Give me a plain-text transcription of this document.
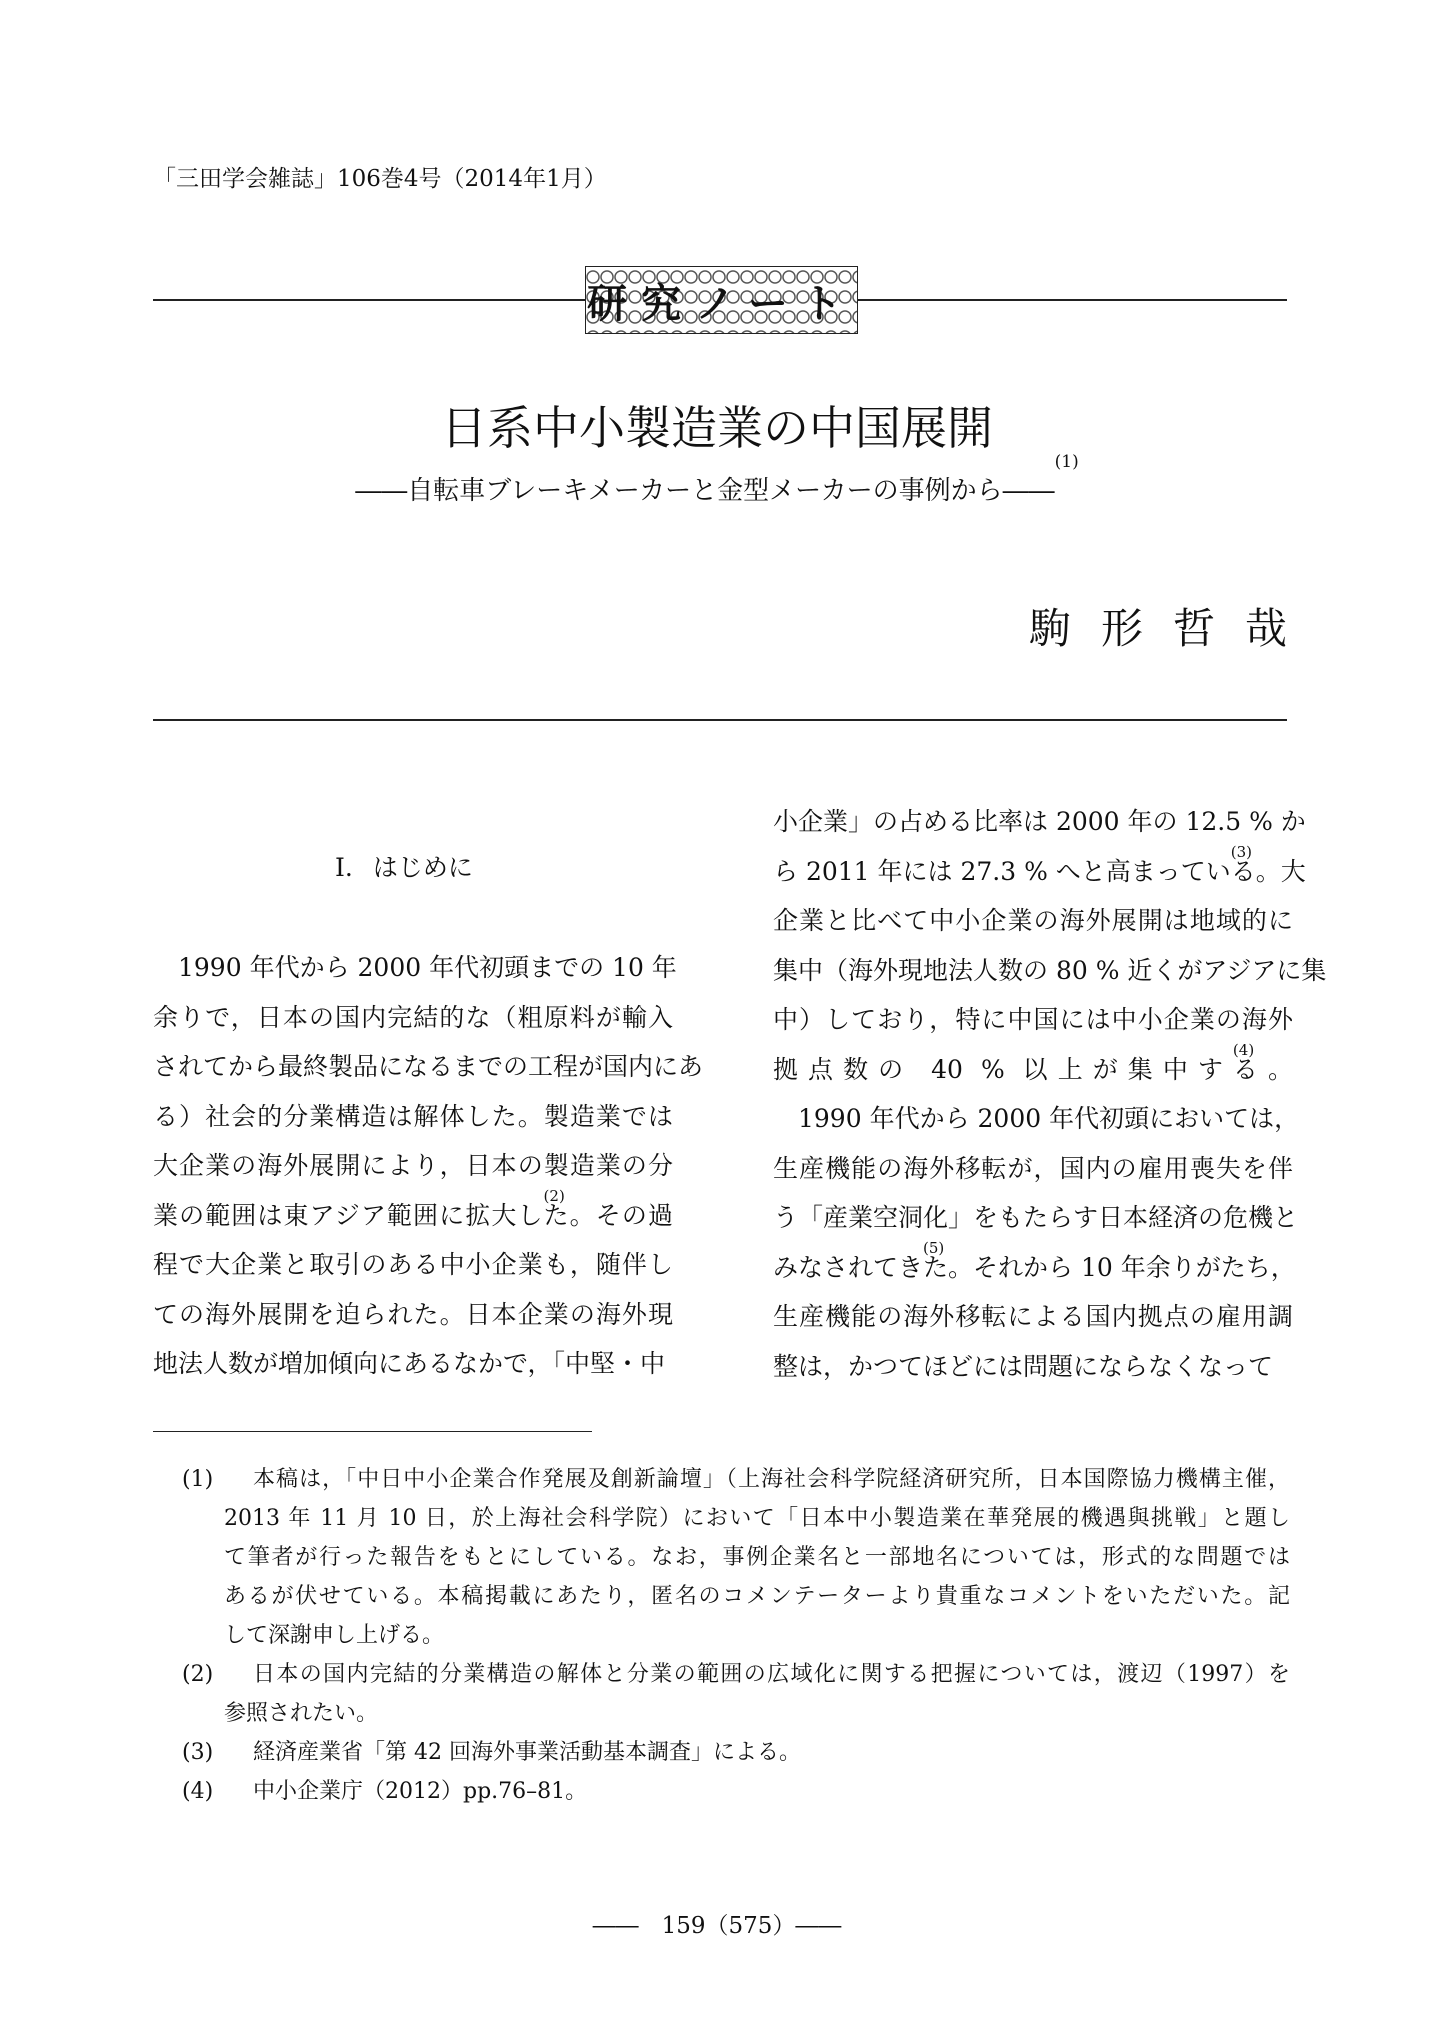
「三田学会雑誌」106巻4号（2014年1月）
研究ノート
日系中小製造業の中国展開
――自転車ブレーキメーカーと金型メーカーの事例から――$^{(1)}$
駒形哲哉
I. はじめに
　1990 年代から 2000 年代初頭までの 10 年
余りで，日本の国内完結的な（粗原料が輸入
されてから最終製品になるまでの工程が国内にあ
る）社会的分業構造は解体した。製造業では
大企業の海外展開により，日本の製造業の分
業の範囲は東アジア範囲に拡大した
(2)
。その過
程で大企業と取引のある中小企業も，随伴し
ての海外展開を迫られた。日本企業の海外現
地法人数が増加傾向にあるなかで，「中堅・中
小企業」の占める比率は 2000 年の 12.5 % か
ら 2011 年には 27.3 % へと高まっている
(3)
。大
企業と比べて中小企業の海外展開は地域的に
集中（海外現地法人数の 80 % 近くがアジアに集
中）しており，特に中国には中小企業の海外
拠点数の 40 % 以上が集中する
(4)
。
　1990 年代から 2000 年代初頭においては，
生産機能の海外移転が，国内の雇用喪失を伴
う「産業空洞化」をもたらす日本経済の危機と
みなされてきた
(5)
。それから 10 年余りがたち，
生産機能の海外移転による国内拠点の雇用調
整は，かつてほどには問題にならなくなって
(1) 本稿は，「中日中小企業合作発展及創新論壇」（上海社会科学院経済研究所，日本国際協力機構主催，
2013 年 11 月 10 日，於上海社会科学院）において「日本中小製造業在華発展的機遇與挑戦」と題し
て筆者が行った報告をもとにしている。なお，事例企業名と一部地名については，形式的な問題では
あるが伏せている。本稿掲載にあたり，匿名のコメンテーターより貴重なコメントをいただいた。記
して深謝申し上げる。
(2) 日本の国内完結的分業構造の解体と分業の範囲の広域化に関する把握については，渡辺（1997）を
参照されたい。
(3) 経済産業省「第 42 回海外事業活動基本調査」による。
(4) 中小企業庁（2012）pp.76–81。
――　159（575）――
